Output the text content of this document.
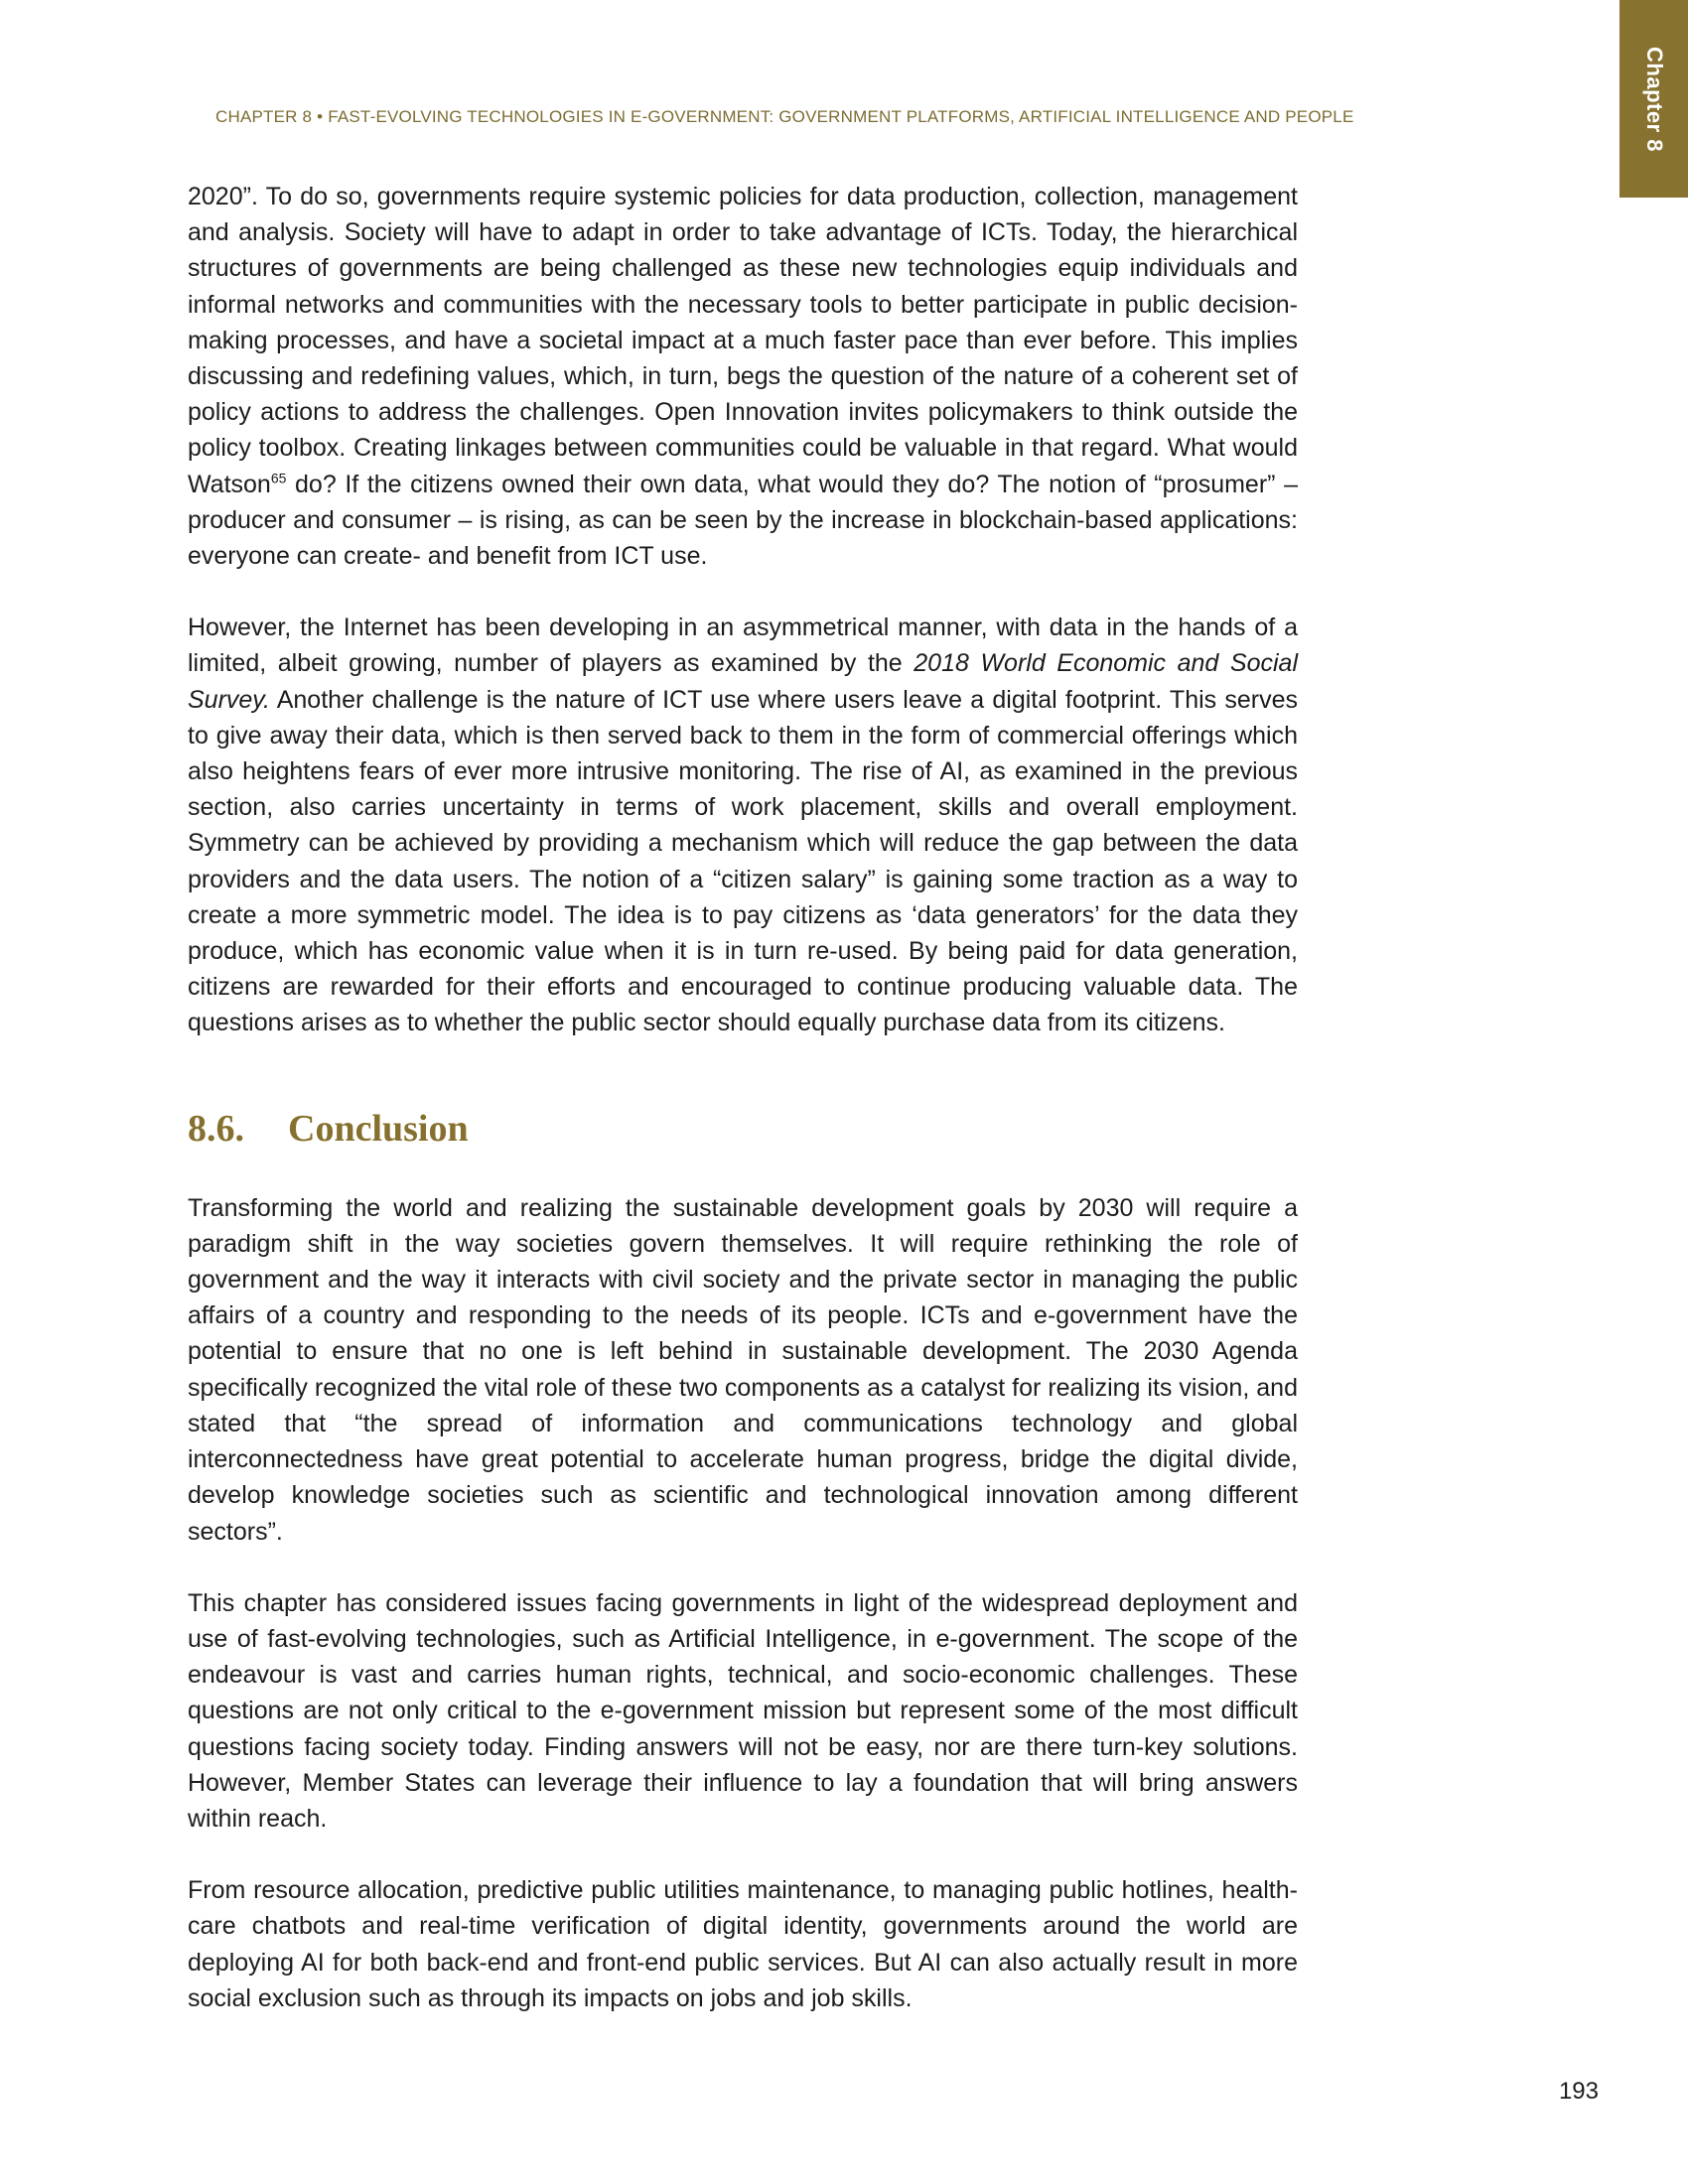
Chapter 8
CHAPTER 8 • FAST-EVOLVING TECHNOLOGIES IN E-GOVERNMENT: GOVERNMENT PLATFORMS, ARTIFICIAL INTELLIGENCE AND PEOPLE

2020”. To do so, governments require systemic policies for data production, collection, management and analysis. Society will have to adapt in order to take advantage of ICTs. Today, the hierarchical structures of governments are being challenged as these new technologies equip individuals and informal networks and communities with the necessary tools to better participate in public decision-making processes, and have a societal impact at a much faster pace than ever before. This implies discussing and redefining values, which, in turn, begs the question of the nature of a coherent set of policy actions to address the challenges. Open Innovation invites policymakers to think outside the policy toolbox. Creating linkages between communities could be valuable in that regard. What would Watson$^{65}$ do? If the citizens owned their own data, what would they do? The notion of “prosumer” – producer and consumer – is rising, as can be seen by the increase in blockchain-based applications: everyone can create- and benefit from ICT use.

However, the Internet has been developing in an asymmetrical manner, with data in the hands of a limited, albeit growing, number of players as examined by the 2018 World Economic and Social Survey. Another challenge is the nature of ICT use where users leave a digital footprint. This serves to give away their data, which is then served back to them in the form of commercial offerings which also heightens fears of ever more intrusive monitoring. The rise of AI, as examined in the previous section, also carries uncertainty in terms of work placement, skills and overall employment. Symmetry can be achieved by providing a mechanism which will reduce the gap between the data providers and the data users. The notion of a “citizen salary” is gaining some traction as a way to create a more symmetric model. The idea is to pay citizens as ‘data generators’ for the data they produce, which has economic value when it is in turn re-used. By being paid for data generation, citizens are rewarded for their efforts and encouraged to continue producing valuable data. The questions arises as to whether the public sector should equally purchase data from its citizens.

8.6.	Conclusion

Transforming the world and realizing the sustainable development goals by 2030 will require a paradigm shift in the way societies govern themselves. It will require rethinking the role of government and the way it interacts with civil society and the private sector in managing the public affairs of a country and responding to the needs of its people. ICTs and e-government have the potential to ensure that no one is left behind in sustainable development. The 2030 Agenda specifically recognized the vital role of these two components as a catalyst for realizing its vision, and stated that “the spread of information and communications technology and global interconnectedness have great potential to accelerate human progress, bridge the digital divide, develop knowledge societies such as scientific and technological innovation among different sectors”.

This chapter has considered issues facing governments in light of the widespread deployment and use of fast-evolving technologies, such as Artificial Intelligence, in e-government. The scope of the endeavour is vast and carries human rights, technical, and socio-economic challenges. These questions are not only critical to the e-government mission but represent some of the most difficult questions facing society today. Finding answers will not be easy, nor are there turn-key solutions. However, Member States can leverage their influence to lay a foundation that will bring answers within reach.

From resource allocation, predictive public utilities maintenance, to managing public hotlines, health-care chatbots and real-time verification of digital identity, governments around the world are deploying AI for both back-end and front-end public services. But AI can also actually result in more social exclusion such as through its impacts on jobs and job skills.

193
